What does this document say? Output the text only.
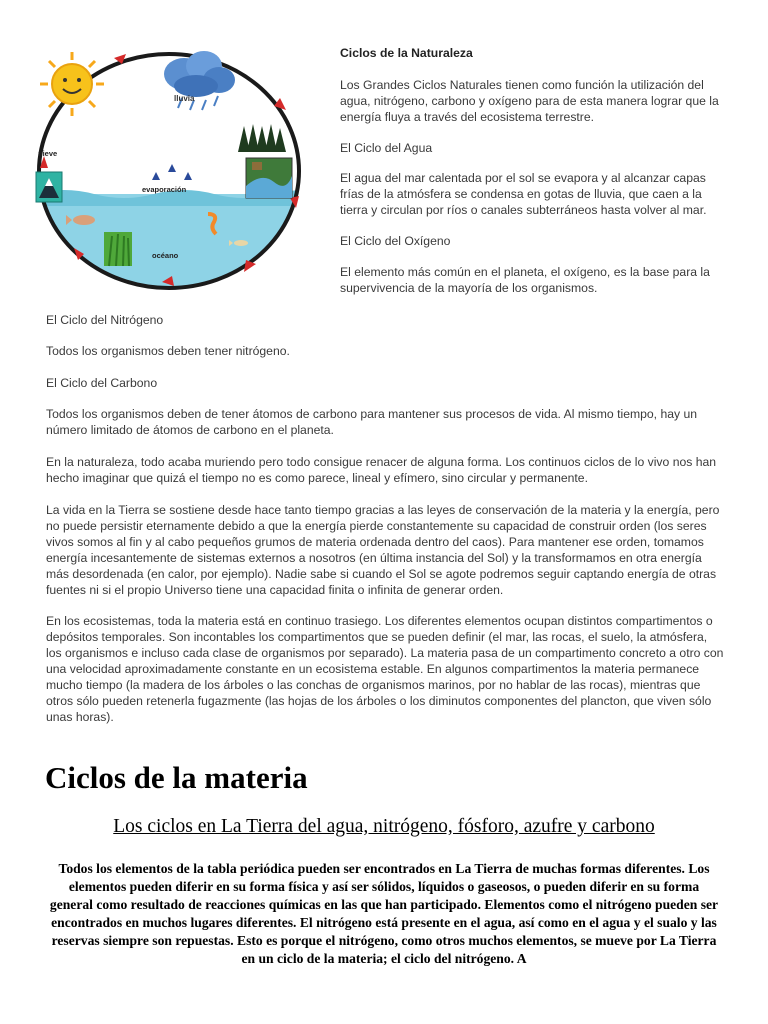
lluvia
nieve
evaporación
océano

Ciclos de la Naturaleza

Los Grandes Ciclos Naturales tienen como función la utilización del agua, nitrógeno, carbono y oxígeno para de esta manera lograr que la energía fluya a través del ecosistema terrestre.

El Ciclo del Agua

El agua del mar calentada por el sol se evapora y al alcanzar capas frías de la atmósfera se condensa en gotas de lluvia, que caen a la tierra y circulan por ríos o canales subterráneos hasta volver al mar.

El Ciclo del Oxígeno

El elemento más común en el planeta, el oxígeno, es la base para la supervivencia de la mayoría de los organismos.

El Ciclo del Nitrógeno

Todos los organismos deben tener nitrógeno.

El Ciclo del Carbono

Todos los organismos deben de tener átomos de carbono para mantener sus procesos de vida. Al mismo tiempo, hay un número limitado de átomos de carbono en el planeta.

En la naturaleza, todo acaba muriendo pero todo consigue renacer de alguna forma. Los continuos ciclos de lo vivo nos han hecho imaginar que quizá el tiempo no es como parece, lineal y efímero, sino circular y permanente.

La vida en la Tierra se sostiene desde hace tanto tiempo gracias a las leyes de conservación de la materia y la energía, pero no puede persistir eternamente debido a que la energía pierde constantemente su capacidad de construir orden (los seres vivos somos al fin y al cabo pequeños grumos de materia ordenada dentro del caos). Para mantener ese orden, tomamos energía incesantemente de sistemas externos a nosotros (en última instancia del Sol) y la transformamos en otra energía más desordenada (en calor, por ejemplo). Nadie sabe si cuando el Sol se agote podremos seguir captando energía de otras fuentes ni si el propio Universo tiene una capacidad finita o infinita de generar orden.

En los ecosistemas, toda la materia está en continuo trasiego. Los diferentes elementos ocupan distintos compartimentos o depósitos temporales. Son incontables los compartimentos que se pueden definir (el mar, las rocas, el suelo, la atmósfera, los organismos e incluso cada clase de organismos por separado). La materia pasa de un compartimento concreto a otro con una velocidad aproximadamente constante en un ecosistema estable. En algunos compartimentos la materia permanece mucho tiempo (la madera de los árboles o las conchas de organismos marinos, por no hablar de las rocas), mientras que otros sólo pueden retenerla fugazmente (las hojas de los árboles o los diminutos componentes del plancton, que viven sólo unas horas).

Ciclos de la materia
Los ciclos en La Tierra del agua, nitrógeno, fósforo, azufre y carbono

Todos los elementos de la tabla periódica pueden ser encontrados en La Tierra de muchas formas diferentes. Los elementos pueden diferir en su forma física y así ser sólidos, líquidos o gaseosos, o pueden diferir en su forma general como resultado de reacciones químicas en las que han participado. Elementos como el nitrógeno pueden ser encontrados en muchos lugares diferentes. El nitrógeno está presente en el agua, así como en el agua y el sualo y las reservas siempre son repuestas. Esto es porque el nitrógeno, como otros muchos elementos, se mueve por La Tierra en un ciclo de la materia; el ciclo del nitrógeno. A
